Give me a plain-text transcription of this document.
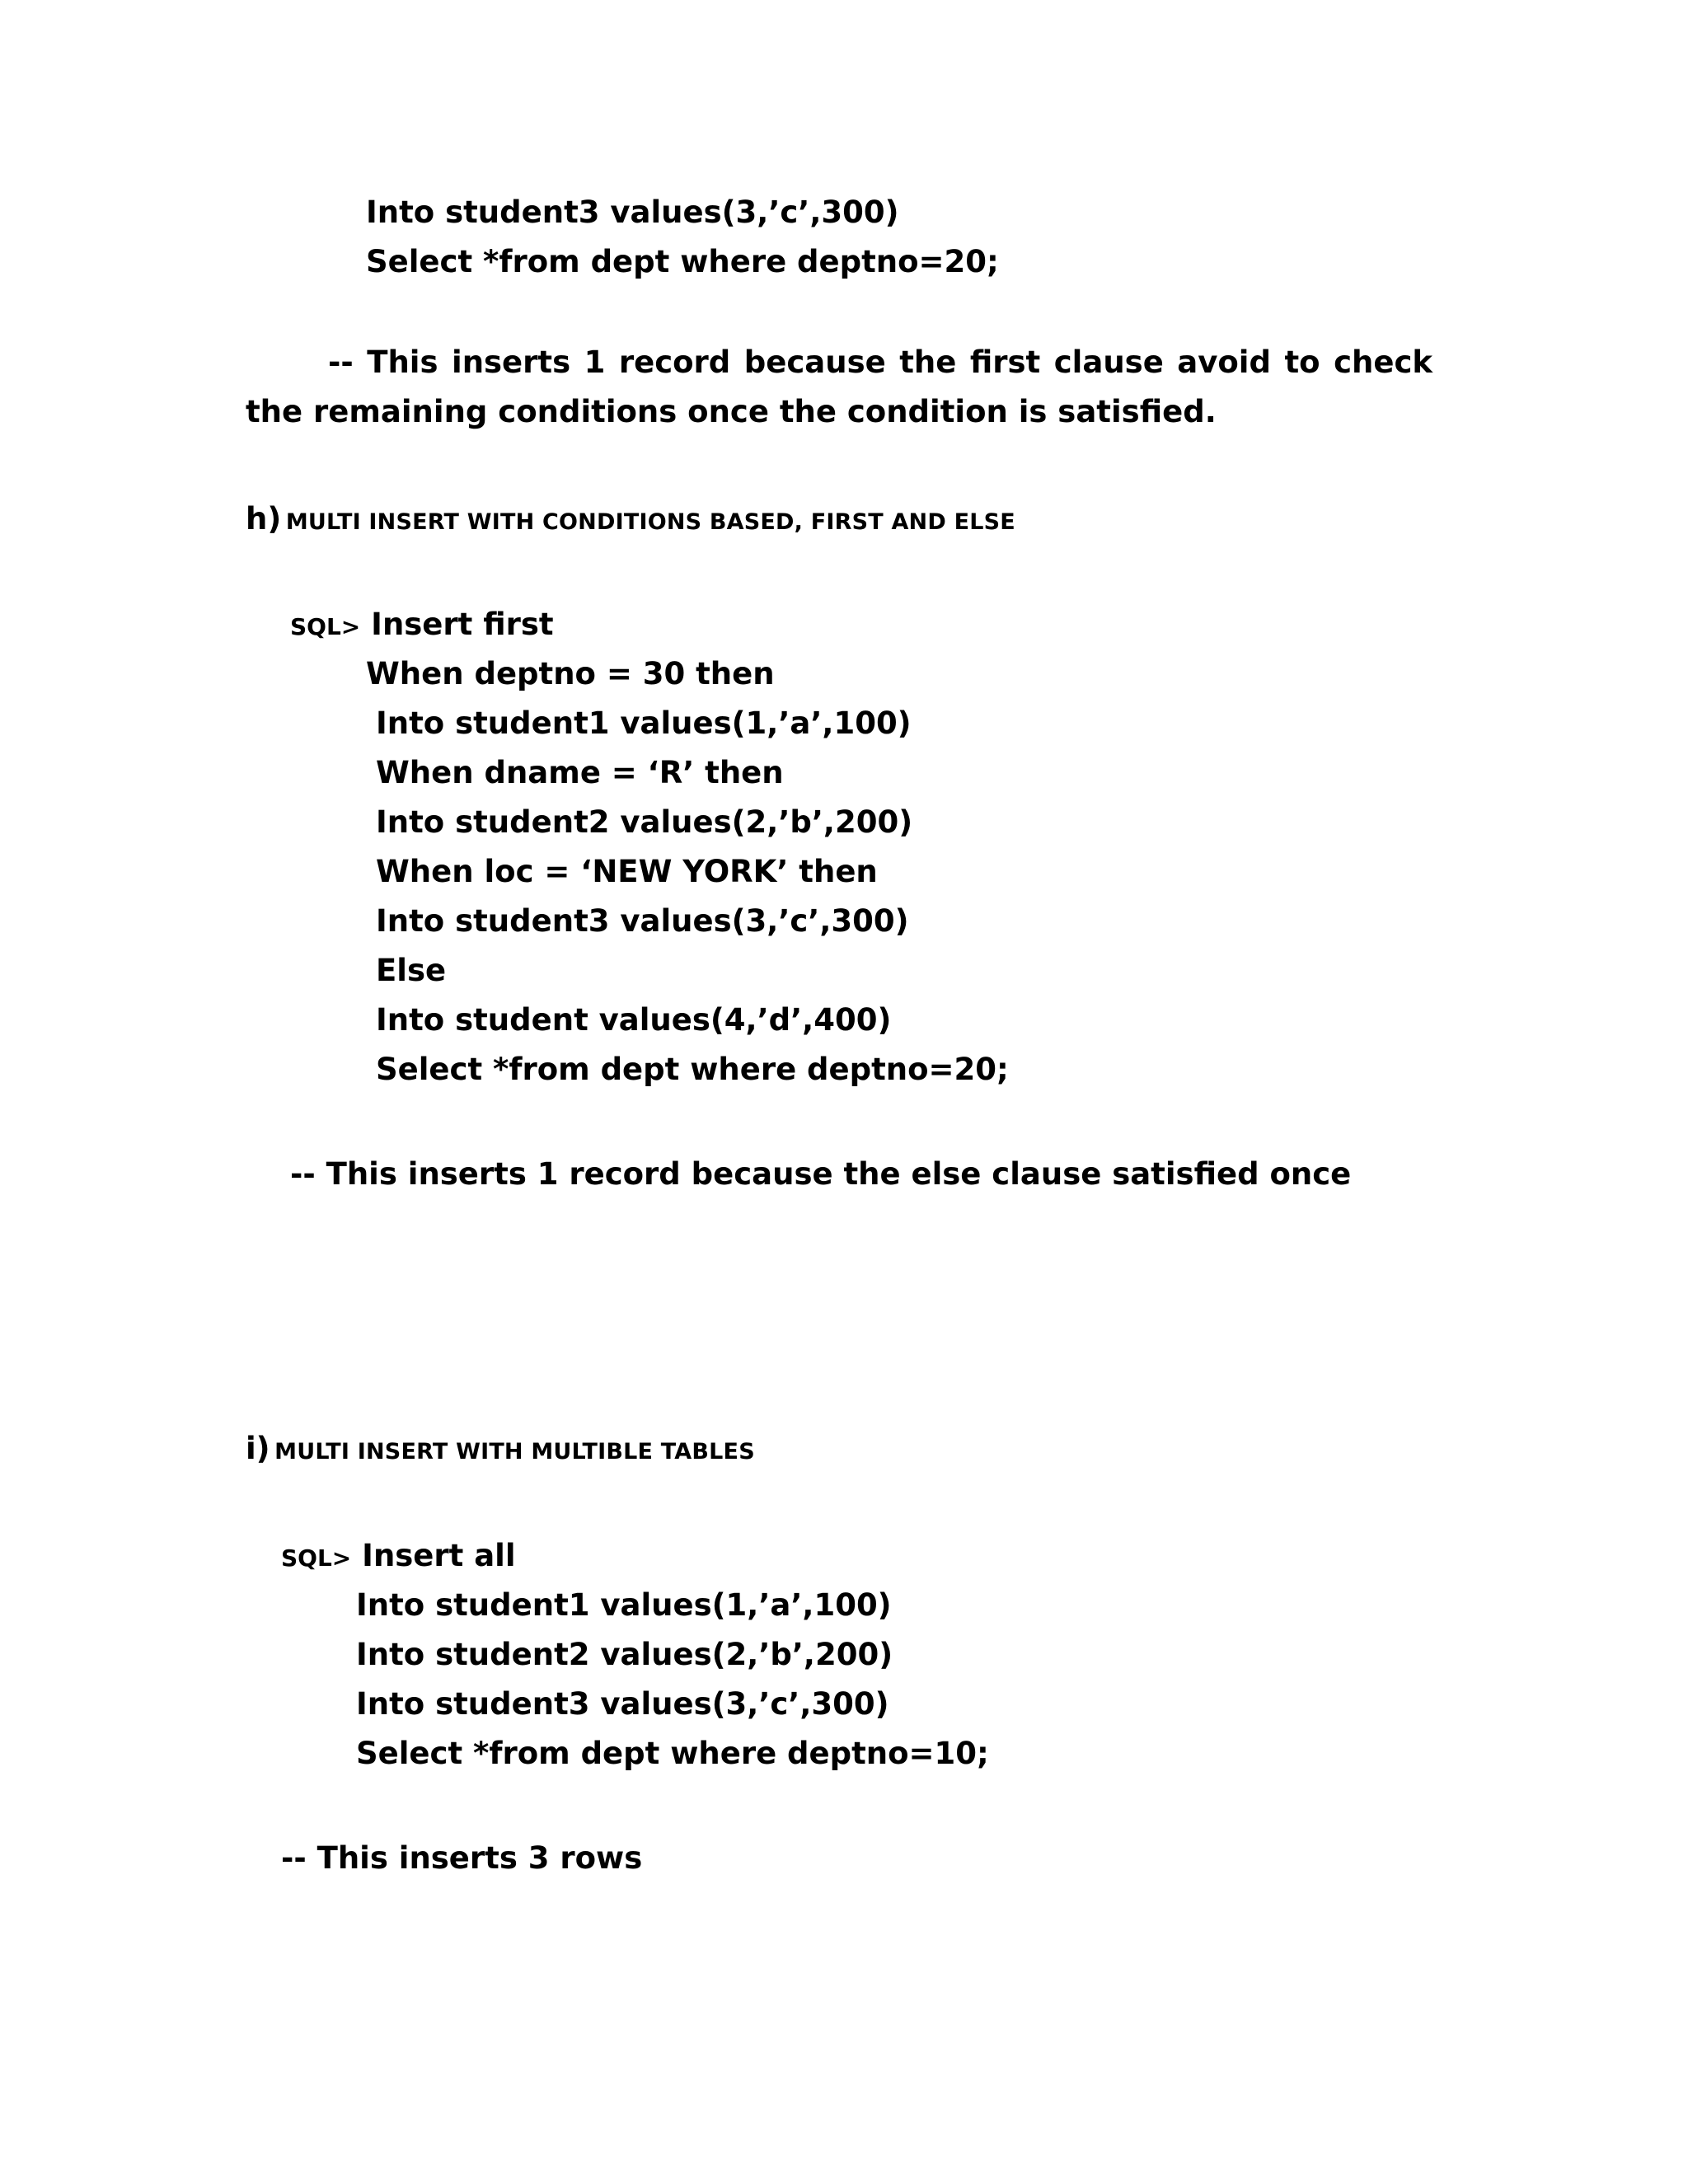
Into student3 values(3,’c’,300)
Select *from dept where deptno=20;

-- This inserts 1 record because the first clause avoid to check the remaining conditions once the condition is satisfied.

h) MULTI INSERT WITH CONDITIONS BASED, FIRST AND ELSE
SQL> Insert first
When deptno = 30 then
Into student1 values(1,’a’,100)
When dname = ‘R’ then
Into student2 values(2,’b’,200)
When loc = ‘NEW YORK’ then
Into student3 values(3,’c’,300)
Else
Into student values(4,’d’,400)
Select *from dept where deptno=20;
-- This inserts 1 record because the else clause satisfied once
i) MULTI INSERT WITH MULTIBLE TABLES
SQL> Insert all
Into student1 values(1,’a’,100)
Into student2 values(2,’b’,200)
Into student3 values(3,’c’,300)
Select *from dept where deptno=10;
-- This inserts 3 rows
